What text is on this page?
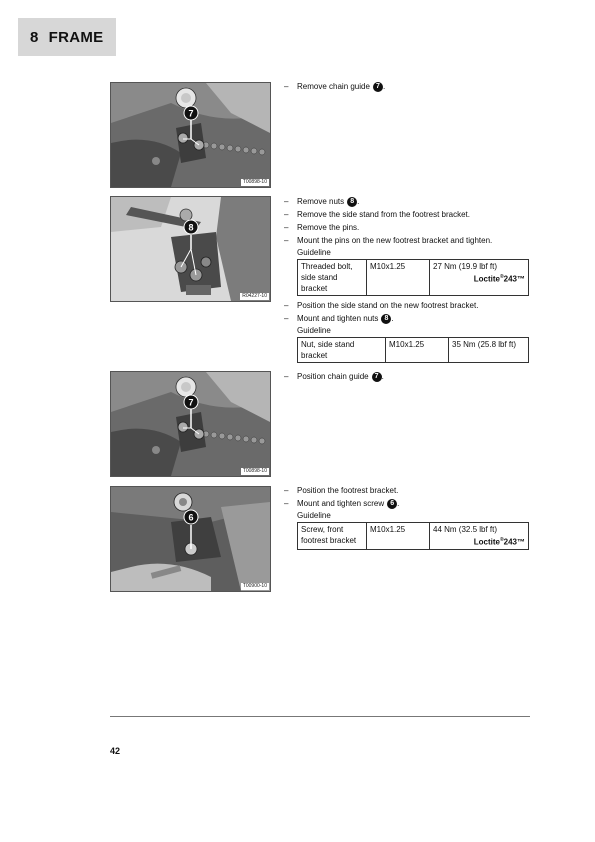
8 FRAME
7
T00898-10
–	Remove chain guide 7 .
8
R04227-10
–	Remove nuts 8 .
–	Remove the side stand from the footrest bracket.
–	Remove the pins.
–	Mount the pins on the new footrest bracket and tighten.
Guideline
Threaded bolt, side stand bracket	M10x1.25	27 Nm (19.9 lbf ft)
Loctite®243™
–	Position the side stand on the new footrest bracket.
–	Mount and tighten nuts 8 .
Guideline
Nut, side stand bracket	M10x1.25	35 Nm (25.8 lbf ft)
7
T00898-10
–	Position chain guide 7 .
6
T00900-10
–	Position the footrest bracket.
–	Mount and tighten screw 6 .
Guideline
Screw, front footrest bracket	M10x1.25	44 Nm (32.5 lbf ft)
Loctite®243™
42
